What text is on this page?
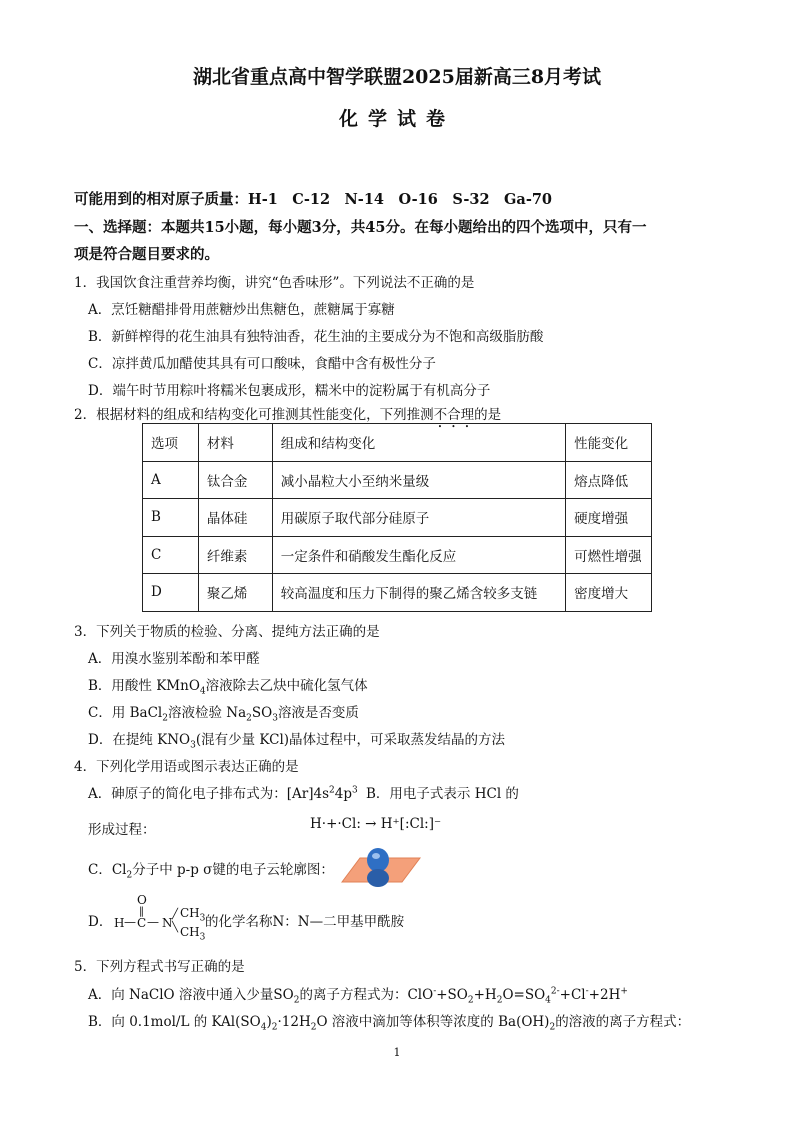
湖北省重点高中智学联盟2025届新高三8月考试
化学试卷
可能用到的相对原子质量：H-1　C-12　N-14　O-16　S-32　Ga-70
一、选择题：本题共15小题，每小题3分，共45分。在每小题给出的四个选项中，只有一
项是符合题目要求的。
1．我国饮食注重营养均衡，讲究“色香味形”。下列说法不正确的是
A．烹饪糖醋排骨用蔗糖炒出焦糖色，蔗糖属于寡糖
B．新鲜榨得的花生油具有独特油香，花生油的主要成分为不饱和高级脂肪酸
C．凉拌黄瓜加醋使其具有可口酸味，食醋中含有极性分子
D．端午时节用粽叶将糯米包裹成形，糯米中的淀粉属于有机高分子
2．根据材料的组成和结构变化可推测其性能变化，下列推测不合理的是
选项	材料	组成和结构变化	性能变化
A	钛合金	减小晶粒大小至纳米量级	熔点降低
B	晶体硅	用碳原子取代部分硅原子	硬度增强
C	纤维素	一定条件和硝酸发生酯化反应	可燃性增强
D	聚乙烯	较高温度和压力下制得的聚乙烯含较多支链	密度增大
3．下列关于物质的检验、分离、提纯方法正确的是
A．用溴水鉴别苯酚和苯甲醛
B．用酸性 KMnO$_4$溶液除去乙炔中硫化氢气体
C．用 BaCl$_2$溶液检验 $Na_2SO_3$溶液是否变质
D．在提纯 $KNO_3$(混有少量 KCl)晶体过程中，可采取蒸发结晶的方法
4．下列化学用语或图示表达正确的是
A．砷原子的简化电子排布式为：$[Ar]4s^24p^3$ B．用电子式表示 HCl 的
形成过程：	H·+·Cl: → H⁺[:Cl:]⁻
C．$Cl_2$分子中 p-p σ键的电子云轮廓图：
D．
O
‖
H — C — N
╱
╲
$CH_3$
$CH_3$
的化学名称N：N—二甲基甲酰胺
5．下列方程式书写正确的是
A．向 NaClO 溶液中通入少量$SO_2$的离子方程式为：$ClO^-+SO_2+H_2O=SO_4^{2-}+Cl^-+2H^+$
B．向 0.1mol/L 的 $KAl(SO_4)_2\cdot 12H_2O$ 溶液中滴加等体积等浓度的 $Ba(OH)_2$的溶液的离子方程式：
1
